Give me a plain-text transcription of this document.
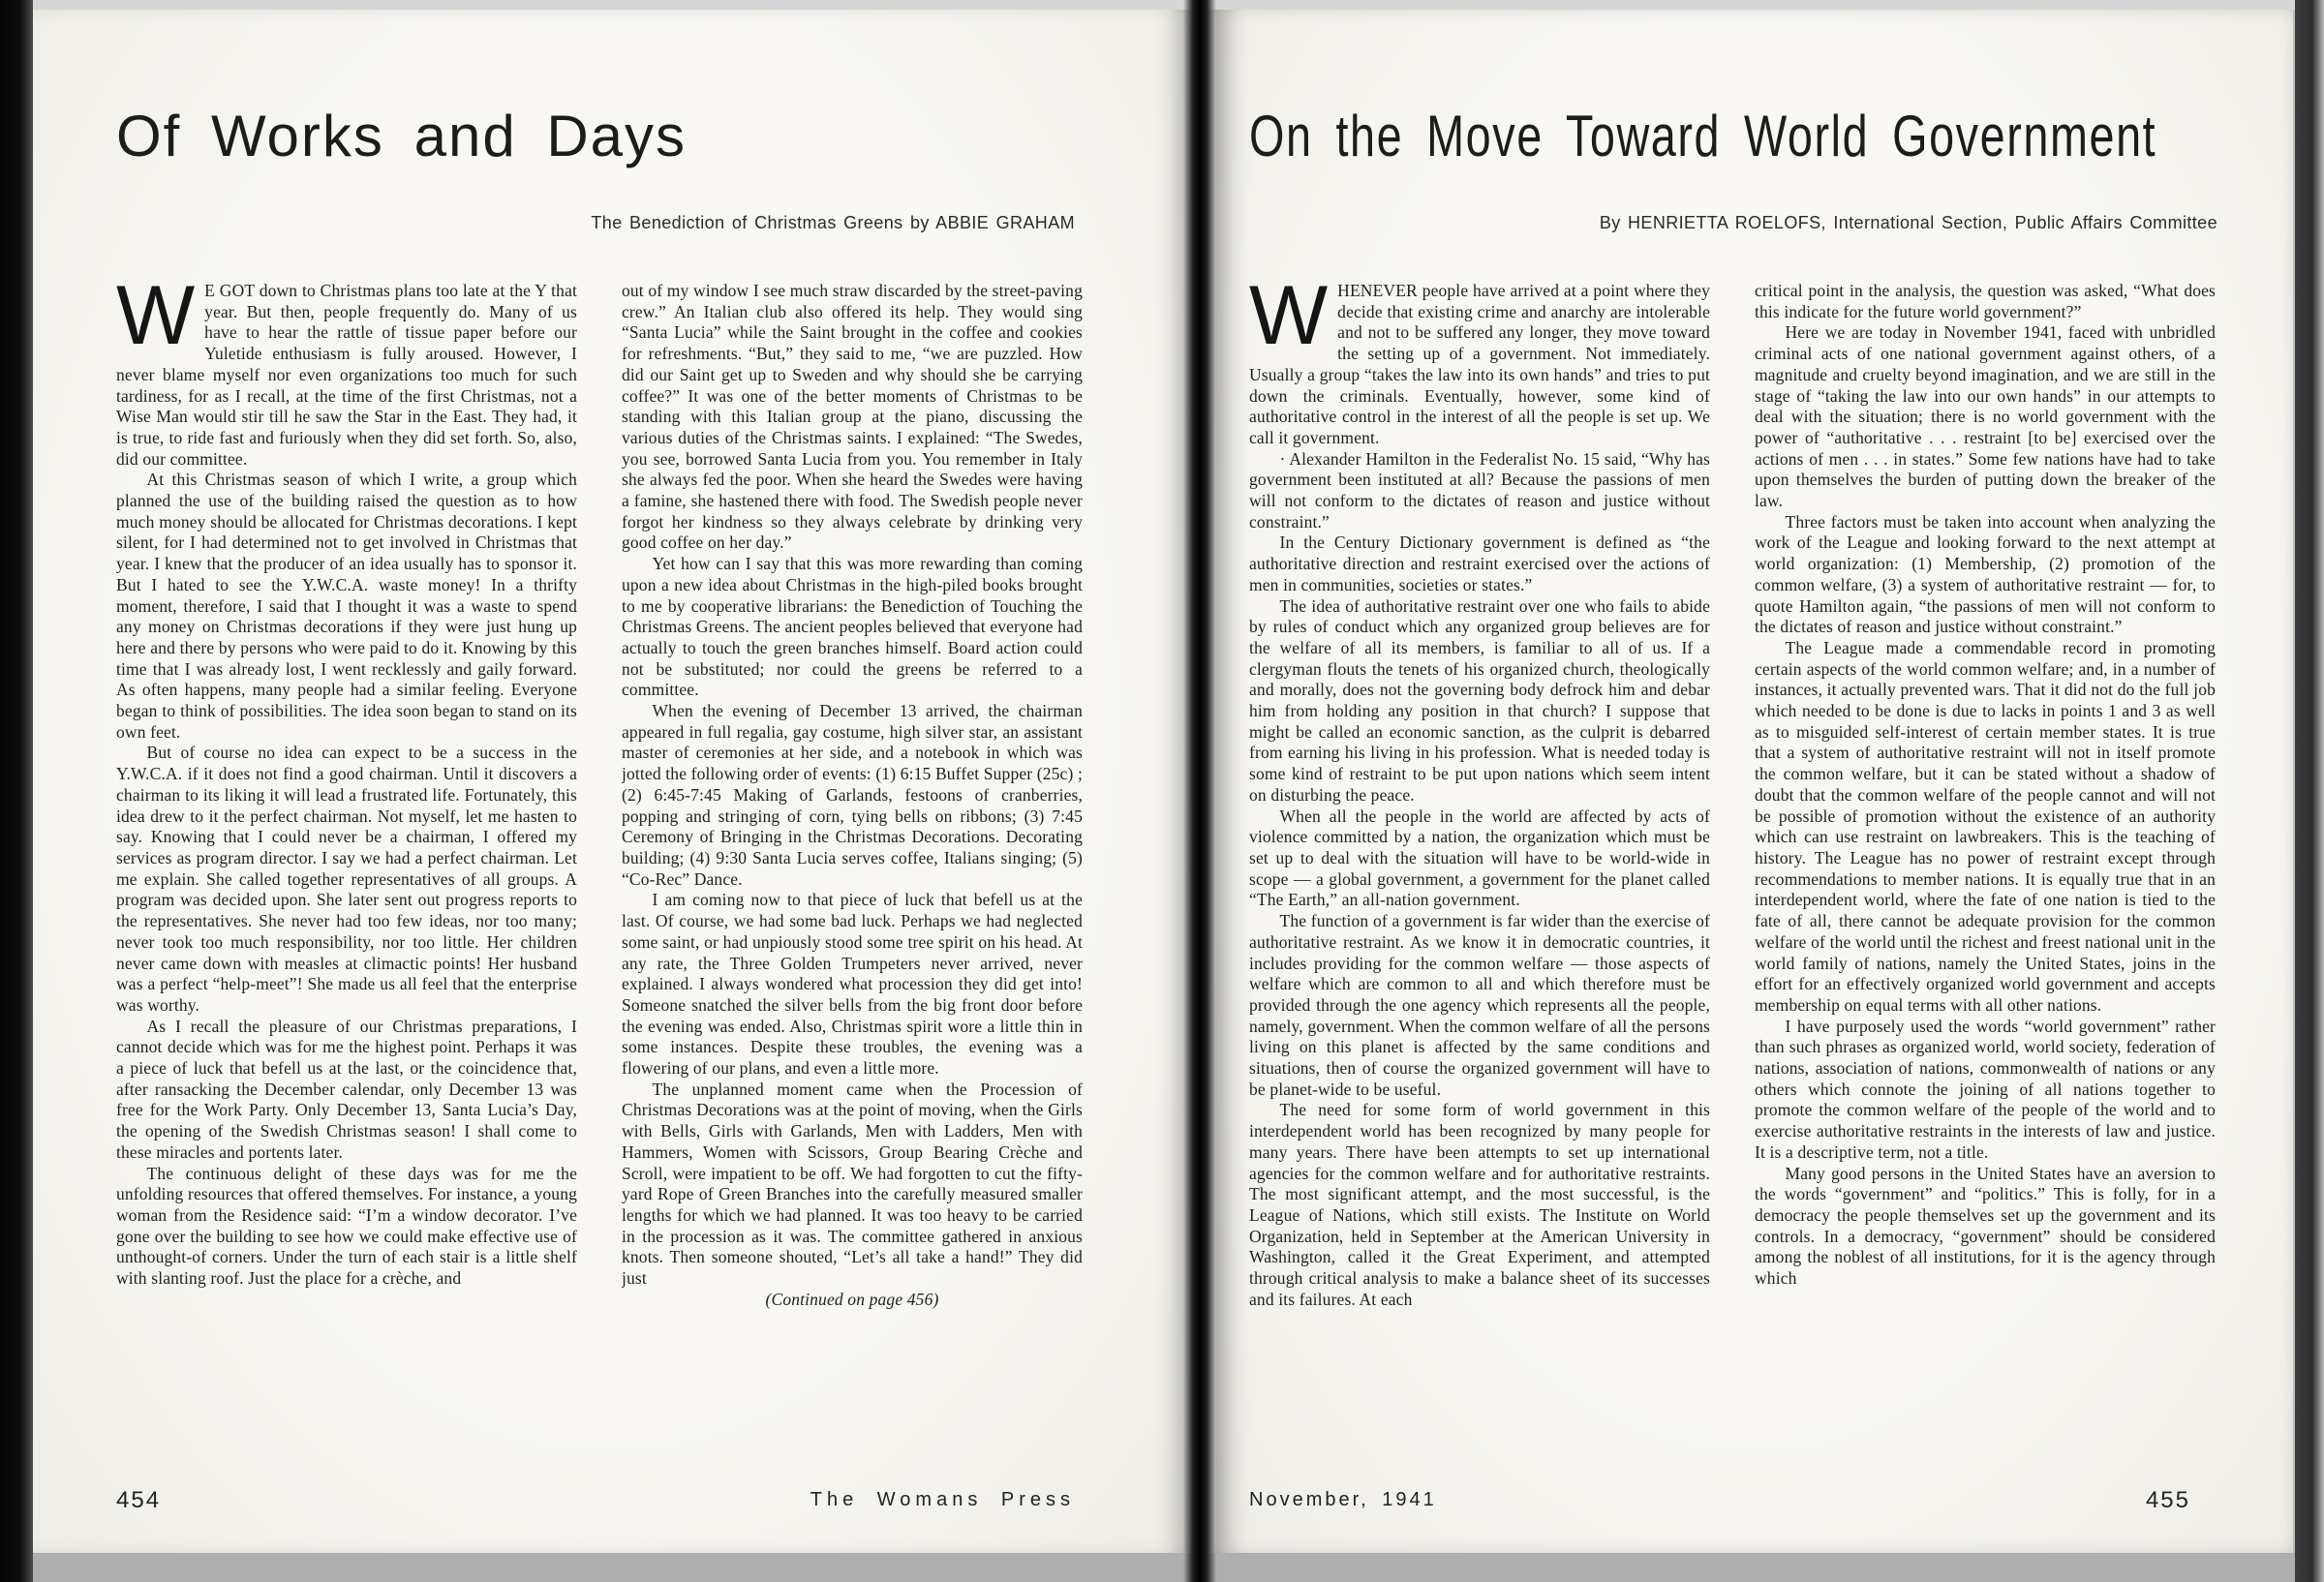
Of Works and Days
The Benediction of Christmas Greens by ABBIE GRAHAM

W E GOT down to Christmas plans too late at the Y that year. But then, people frequently do. Many of us have to hear the rattle of tissue paper before our Yuletide enthusiasm is fully aroused. However, I never blame myself nor even organizations too much for such tardiness, for as I recall, at the time of the first Christmas, not a Wise Man would stir till he saw the Star in the East. They had, it is true, to ride fast and furiously when they did set forth. So, also, did our committee.

At this Christmas season of which I write, a group which planned the use of the building raised the question as to how much money should be allocated for Christmas decorations. I kept silent, for I had determined not to get involved in Christmas that year. I knew that the producer of an idea usually has to sponsor it. But I hated to see the Y.W.C.A. waste money! In a thrifty moment, therefore, I said that I thought it was a waste to spend any money on Christmas decorations if they were just hung up here and there by persons who were paid to do it. Knowing by this time that I was already lost, I went recklessly and gaily forward. As often happens, many people had a similar feeling. Everyone began to think of possibilities. The idea soon began to stand on its own feet.

But of course no idea can expect to be a success in the Y.W.C.A. if it does not find a good chairman. Until it discovers a chairman to its liking it will lead a frustrated life. Fortunately, this idea drew to it the perfect chairman. Not myself, let me hasten to say. Knowing that I could never be a chairman, I offered my services as program director. I say we had a perfect chairman. Let me explain. She called together representatives of all groups. A program was decided upon. She later sent out progress reports to the representatives. She never had too few ideas, nor too many; never took too much responsibility, nor too little. Her children never came down with measles at climactic points! Her husband was a perfect “help-meet”! She made us all feel that the enterprise was worthy.

As I recall the pleasure of our Christmas preparations, I cannot decide which was for me the highest point. Perhaps it was a piece of luck that befell us at the last, or the coincidence that, after ransacking the December calendar, only December 13 was free for the Work Party. Only December 13, Santa Lucia’s Day, the opening of the Swedish Christmas season! I shall come to these miracles and portents later.

The continuous delight of these days was for me the unfolding resources that offered themselves. For instance, a young woman from the Residence said: “I’m a window decorator. I’ve gone over the building to see how we could make effective use of unthought-of corners. Under the turn of each stair is a little shelf with slanting roof. Just the place for a crèche, and

out of my window I see much straw discarded by the street-paving crew.” An Italian club also offered its help. They would sing “Santa Lucia” while the Saint brought in the coffee and cookies for refreshments. “But,” they said to me, “we are puzzled. How did our Saint get up to Sweden and why should she be carrying coffee?” It was one of the better moments of Christmas to be standing with this Italian group at the piano, discussing the various duties of the Christmas saints. I explained: “The Swedes, you see, borrowed Santa Lucia from you. You remember in Italy she always fed the poor. When she heard the Swedes were having a famine, she hastened there with food. The Swedish people never forgot her kindness so they always celebrate by drinking very good coffee on her day.”

Yet how can I say that this was more rewarding than coming upon a new idea about Christmas in the high-piled books brought to me by cooperative librarians: the Benediction of Touching the Christmas Greens. The ancient peoples believed that everyone had actually to touch the green branches himself. Board action could not be substituted; nor could the greens be referred to a committee.

When the evening of December 13 arrived, the chairman appeared in full regalia, gay costume, high silver star, an assistant master of ceremonies at her side, and a notebook in which was jotted the following order of events: (1) 6:15 Buffet Supper (25c) ; (2) 6:45-7:45 Making of Garlands, festoons of cranberries, popping and stringing of corn, tying bells on ribbons; (3) 7:45 Ceremony of Bringing in the Christmas Decorations. Decorating building; (4) 9:30 Santa Lucia serves coffee, Italians singing; (5) “Co-Rec” Dance.

I am coming now to that piece of luck that befell us at the last. Of course, we had some bad luck. Perhaps we had neglected some saint, or had unpiously stood some tree spirit on his head. At any rate, the Three Golden Trumpeters never arrived, never explained. I always wondered what procession they did get into! Someone snatched the silver bells from the big front door before the evening was ended. Also, Christmas spirit wore a little thin in some instances. Despite these troubles, the evening was a flowering of our plans, and even a little more.

The unplanned moment came when the Procession of Christmas Decorations was at the point of moving, when the Girls with Bells, Girls with Garlands, Men with Ladders, Men with Hammers, Women with Scissors, Group Bearing Crèche and Scroll, were impatient to be off. We had forgotten to cut the fifty-yard Rope of Green Branches into the carefully measured smaller lengths for which we had planned. It was too heavy to be carried in the procession as it was. The committee gathered in anxious knots. Then someone shouted, “Let’s all take a hand!” They did just

(Continued on page 456)

454	The Womans Press
On the Move Toward World Government
By HENRIETTA ROELOFS, International Section, Public Affairs Committee

WHENEVER people have arrived at a point where they decide that existing crime and anarchy are intolerable and not to be suffered any longer, they move toward the setting up of a government. Not immediately. Usually a group “takes the law into its own hands” and tries to put down the criminals. Eventually, however, some kind of authoritative control in the interest of all the people is set up. We call it government.

· Alexander Hamilton in the Federalist No. 15 said, “Why has government been instituted at all? Because the passions of men will not conform to the dictates of reason and justice without constraint.”

In the Century Dictionary government is defined as “the authoritative direction and restraint exercised over the actions of men in communities, societies or states.”

The idea of authoritative restraint over one who fails to abide by rules of conduct which any organized group believes are for the welfare of all its members, is familiar to all of us. If a clergyman flouts the tenets of his organized church, theologically and morally, does not the governing body defrock him and debar him from holding any position in that church? I suppose that might be called an economic sanction, as the culprit is debarred from earning his living in his profession. What is needed today is some kind of restraint to be put upon nations which seem intent on disturbing the peace.

When all the people in the world are affected by acts of violence committed by a nation, the organization which must be set up to deal with the situation will have to be world-wide in scope — a global government, a government for the planet called “The Earth,” an all-nation government.

The function of a government is far wider than the exercise of authoritative restraint. As we know it in democratic countries, it includes providing for the common welfare — those aspects of welfare which are common to all and which therefore must be provided through the one agency which represents all the people, namely, government. When the common welfare of all the persons living on this planet is affected by the same conditions and situations, then of course the organized government will have to be planet-wide to be useful.

The need for some form of world government in this interdependent world has been recognized by many people for many years. There have been attempts to set up international agencies for the common welfare and for authoritative restraints. The most significant attempt, and the most successful, is the League of Nations, which still exists. The Institute on World Organization, held in September at the American University in Washington, called it the Great Experiment, and attempted through critical analysis to make a balance sheet of its successes and its failures. At each

critical point in the analysis, the question was asked, “What does this indicate for the future world government?”

Here we are today in November 1941, faced with unbridled criminal acts of one national government against others, of a magnitude and cruelty beyond imagination, and we are still in the stage of “taking the law into our own hands” in our attempts to deal with the situation; there is no world government with the power of “authoritative . . . restraint [to be] exercised over the actions of men . . . in states.” Some few nations have had to take upon themselves the burden of putting down the breaker of the law.

Three factors must be taken into account when analyzing the work of the League and looking forward to the next attempt at world organization: (1) Membership, (2) promotion of the common welfare, (3) a system of authoritative restraint — for, to quote Hamilton again, “the passions of men will not conform to the dictates of reason and justice without constraint.”

The League made a commendable record in promoting certain aspects of the world common welfare; and, in a number of instances, it actually prevented wars. That it did not do the full job which needed to be done is due to lacks in points 1 and 3 as well as to misguided self-interest of certain member states. It is true that a system of authoritative restraint will not in itself promote the common welfare, but it can be stated without a shadow of doubt that the common welfare of the people cannot and will not be possible of promotion without the existence of an authority which can use restraint on lawbreakers. This is the teaching of history. The League has no power of restraint except through recommendations to member nations. It is equally true that in an interdependent world, where the fate of one nation is tied to the fate of all, there cannot be adequate provision for the common welfare of the world until the richest and freest national unit in the world family of nations, namely the United States, joins in the effort for an effectively organized world government and accepts membership on equal terms with all other nations.

I have purposely used the words “world government” rather than such phrases as organized world, world society, federation of nations, association of nations, commonwealth of nations or any others which connote the joining of all nations together to promote the common welfare of the people of the world and to exercise authoritative restraints in the interests of law and justice. It is a descriptive term, not a title.

Many good persons in the United States have an aversion to the words “government” and “politics.” This is folly, for in a democracy the people themselves set up the government and its controls. In a democracy, “government” should be considered among the noblest of all institutions, for it is the agency through which

November, 1941	455
